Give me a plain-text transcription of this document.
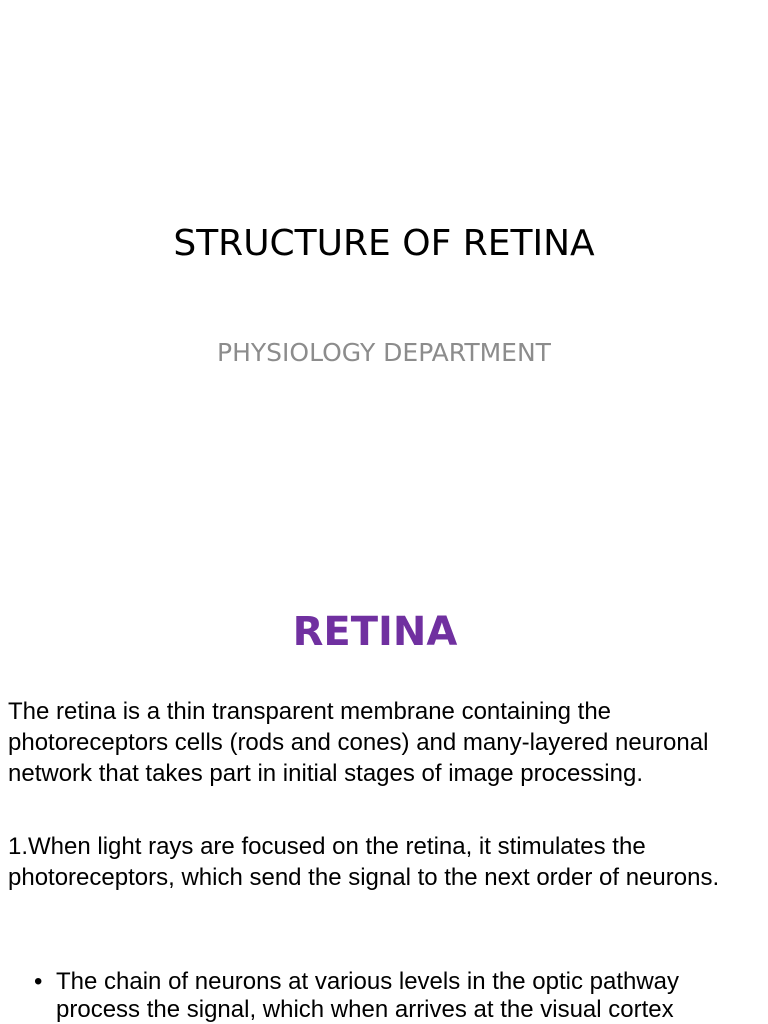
STRUCTURE OF RETINA
PHYSIOLOGY DEPARTMENT
RETINA

The retina is a thin transparent membrane containing the photoreceptors cells (rods and cones) and many-layered neuronal network that takes part in initial stages of image processing.

1.When light rays are focused on the retina, it stimulates the photoreceptors, which send the signal to the next order of neurons.

• The chain of neurons at various levels in the optic pathway process the signal, which when arrives at the visual cortex
